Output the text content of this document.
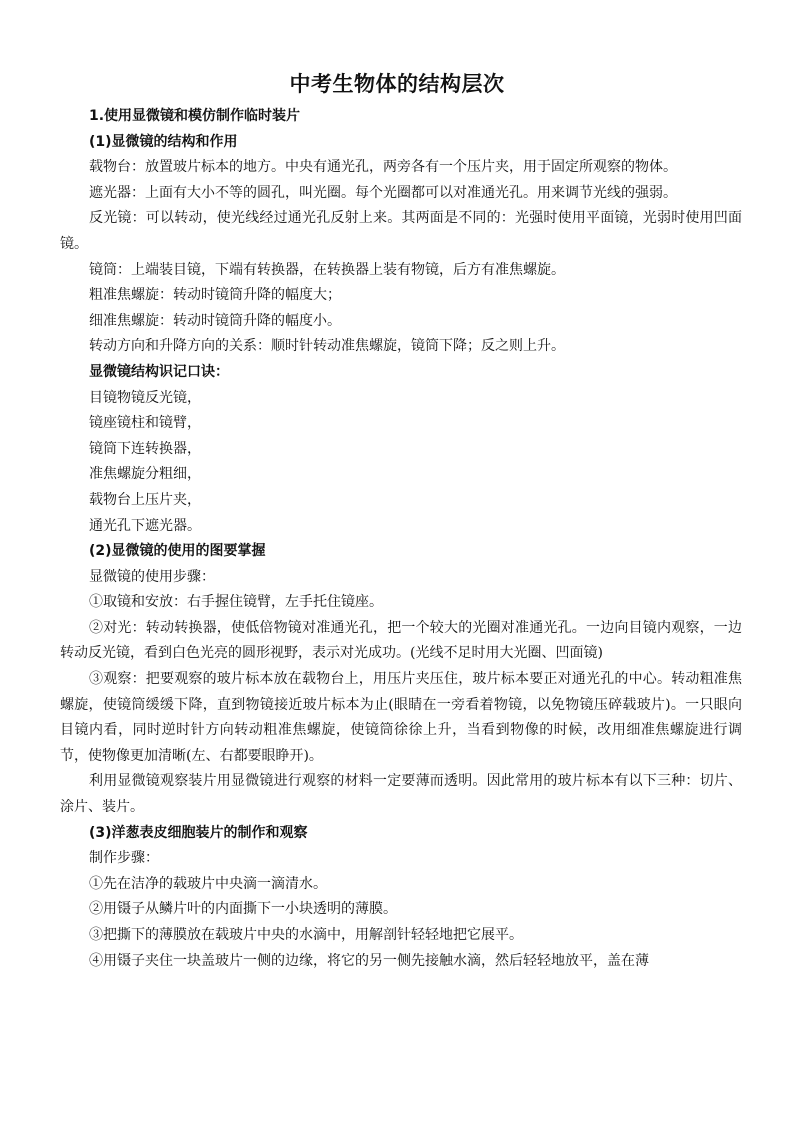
中考生物体的结构层次

1.使用显微镜和模仿制作临时装片

(1)显微镜的结构和作用

载物台：放置玻片标本的地方。中央有通光孔，两旁各有一个压片夹，用于固定所观察的物体。

遮光器：上面有大小不等的圆孔，叫光圈。每个光圈都可以对准通光孔。用来调节光线的强弱。

反光镜：可以转动，使光线经过通光孔反射上来。其两面是不同的：光强时使用平面镜，光弱时使用凹面镜。

镜筒：上端装目镜，下端有转换器，在转换器上装有物镜，后方有准焦螺旋。

粗准焦螺旋：转动时镜筒升降的幅度大；

细准焦螺旋：转动时镜筒升降的幅度小。

转动方向和升降方向的关系：顺时针转动准焦螺旋，镜筒下降；反之则上升。

显微镜结构识记口诀：

目镜物镜反光镜，

镜座镜柱和镜臂，

镜筒下连转换器，

准焦螺旋分粗细，

载物台上压片夹，

通光孔下遮光器。

(2)显微镜的使用的图要掌握

显微镜的使用步骤：

①取镜和安放：右手握住镜臂，左手托住镜座。

②对光：转动转换器，使低倍物镜对准通光孔，把一个较大的光圈对准通光孔。一边向目镜内观察，一边转动反光镜，看到白色光亮的圆形视野，表示对光成功。(光线不足时用大光圈、凹面镜)

③观察：把要观察的玻片标本放在载物台上，用压片夹压住，玻片标本要正对通光孔的中心。转动粗准焦螺旋，使镜筒缓缓下降，直到物镜接近玻片标本为止(眼睛在一旁看着物镜，以免物镜压碎载玻片)。一只眼向目镜内看，同时逆时针方向转动粗准焦螺旋，使镜筒徐徐上升，当看到物像的时候，改用细准焦螺旋进行调节，使物像更加清晰(左、右都要眼睁开)。

利用显微镜观察装片用显微镜进行观察的材料一定要薄而透明。因此常用的玻片标本有以下三种：切片、涂片、装片。

(3)洋葱表皮细胞装片的制作和观察

制作步骤：

①先在洁净的载玻片中央滴一滴清水。

②用镊子从鳞片叶的内面撕下一小块透明的薄膜。

③把撕下的薄膜放在载玻片中央的水滴中，用解剖针轻轻地把它展平。

④用镊子夹住一块盖玻片一侧的边缘，将它的另一侧先接触水滴，然后轻轻地放平，盖在薄
